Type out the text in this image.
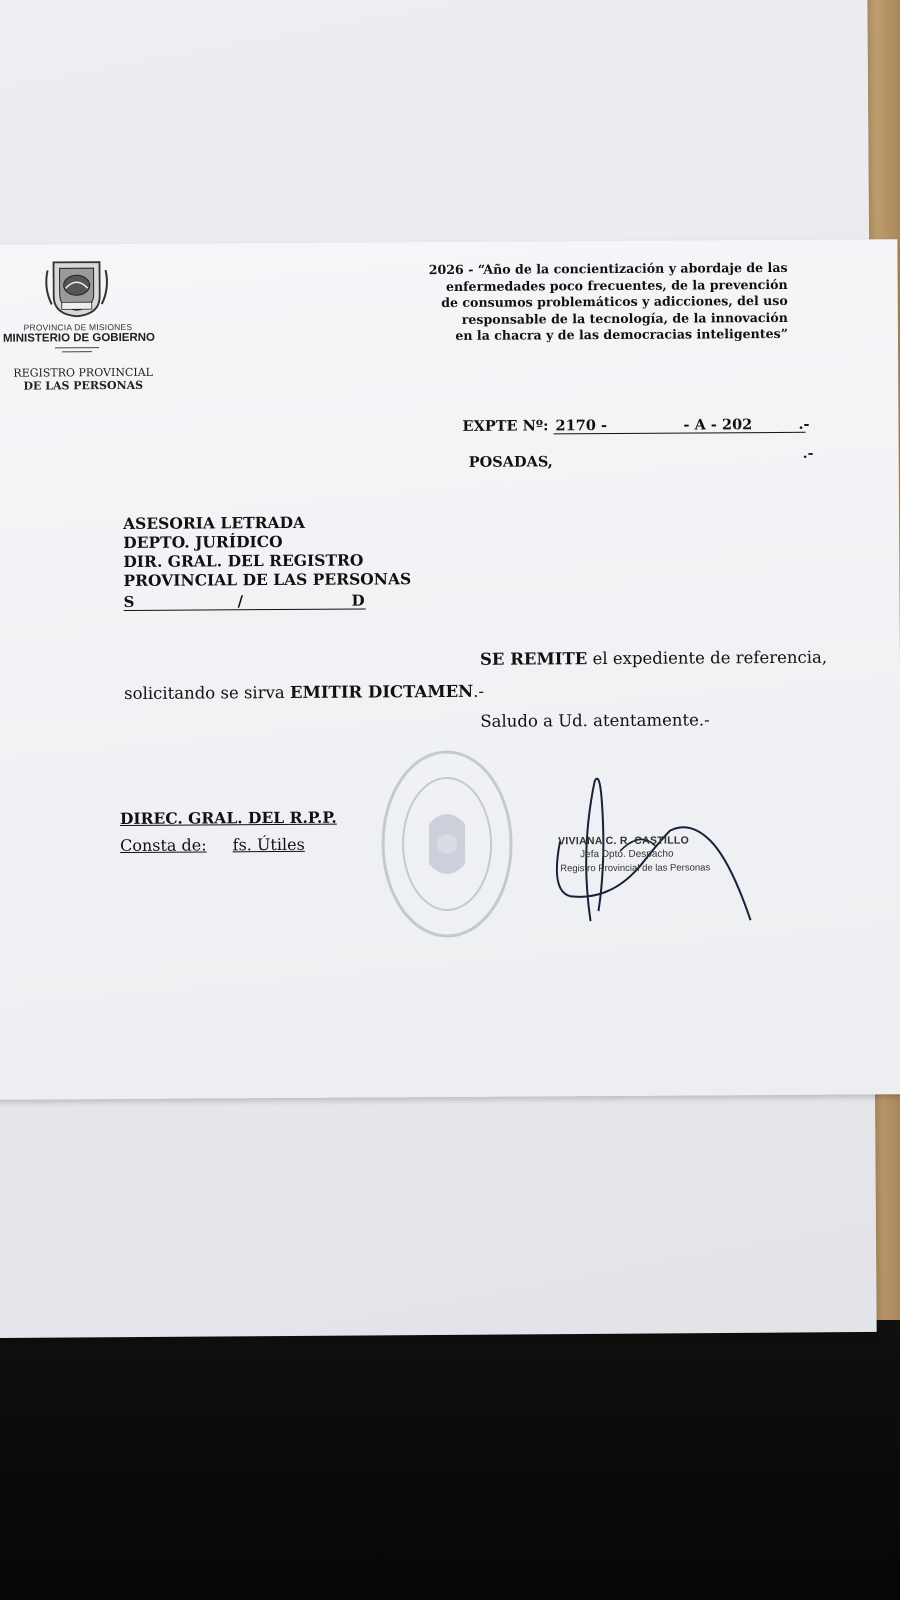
PROVINCIA DE MISIONES
MINISTERIO DE GOBIERNO
REGISTRO PROVINCIAL
DE LAS PERSONAS
2026 - “Año de la concientización y abordaje de las
enfermedades poco frecuentes, de la prevención
de consumos problemáticos y adicciones, del uso
responsable de la tecnología, de la innovación
en la chacra y de las democracias inteligentes”
EXPTE Nº: 2170 -	- A - 202	.-
POSADAS,	.-
ASESORIA LETRADA
DEPTO. JURÍDICO
DIR. GRAL. DEL REGISTRO
PROVINCIAL DE LAS PERSONAS
S	/	D
SE REMITE el expediente de referencia,
solicitando se sirva EMITIR DICTAMEN.-
Saludo a Ud. atentamente.-
DIREC. GRAL. DEL R.P.P.
Consta de: fs. Útiles	VIVIANA C. R. CASTILLO
Jefa Dpto. Despacho
Registro Provincial de las Personas
